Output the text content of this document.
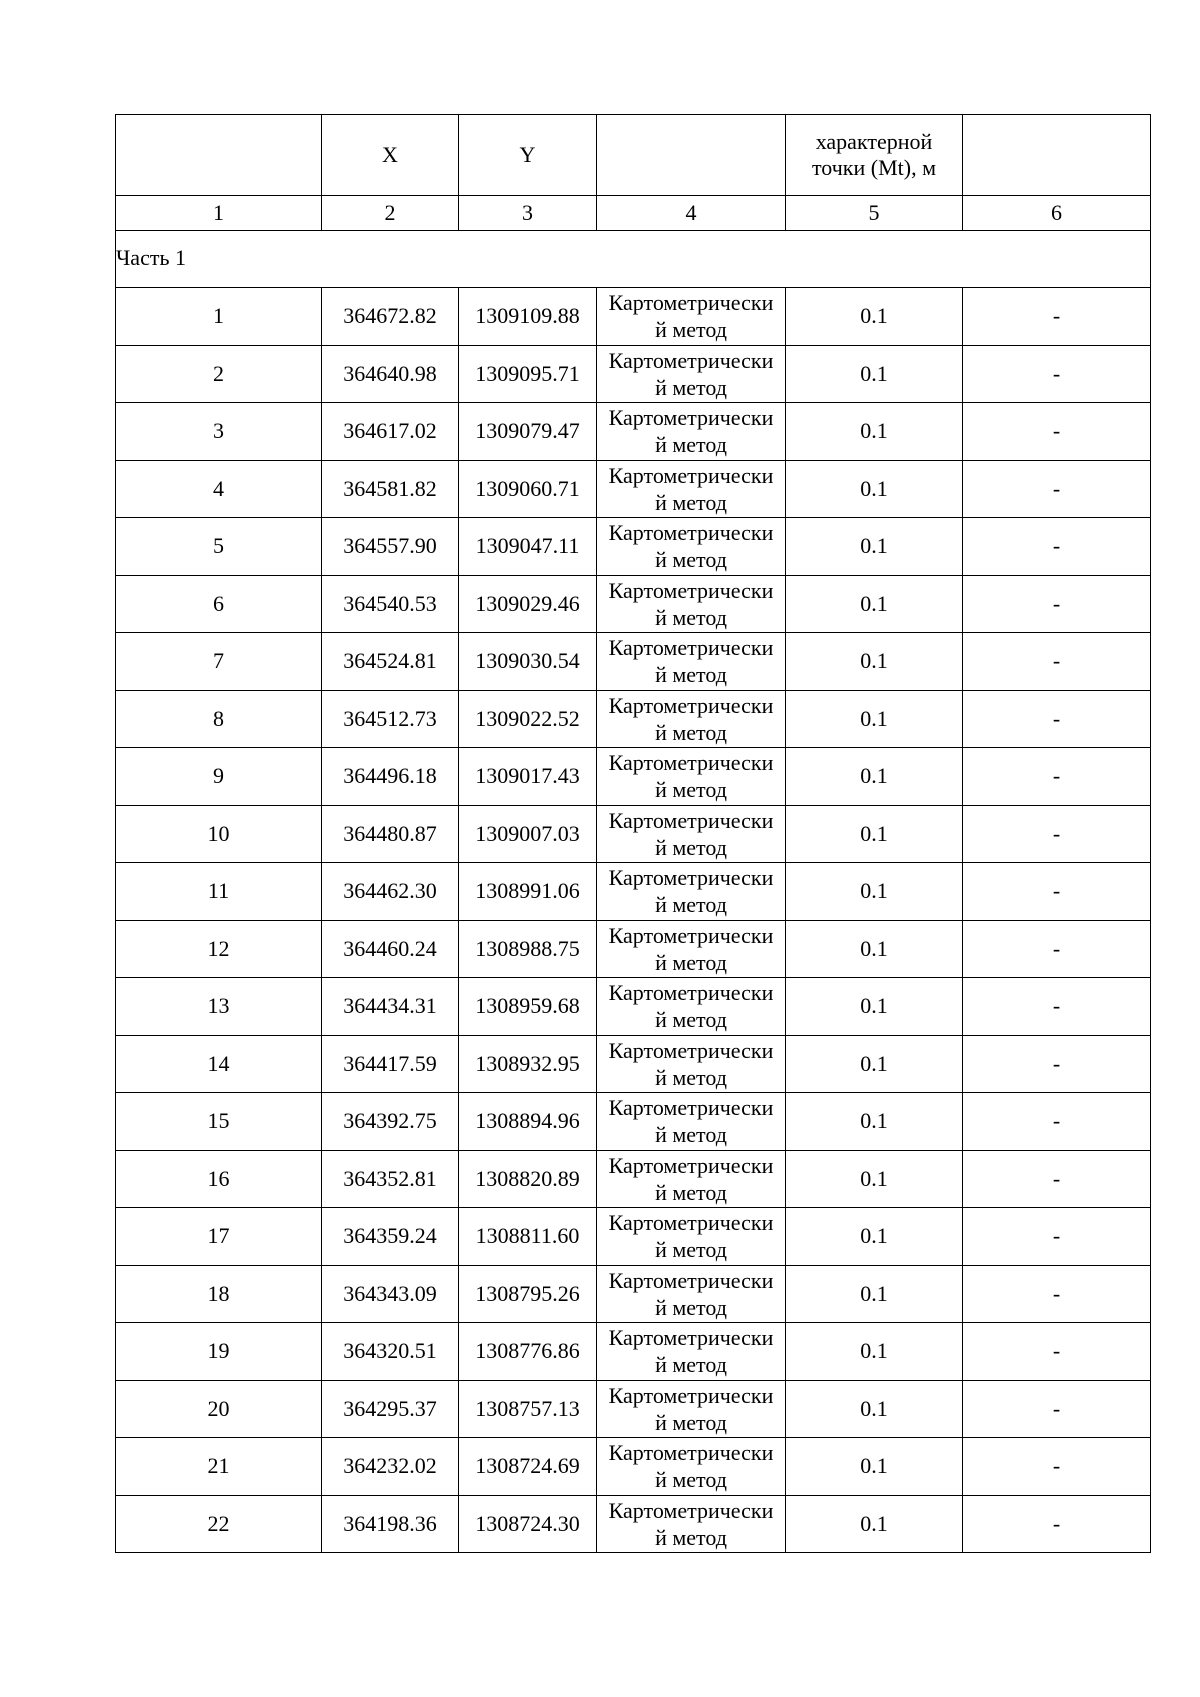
	X	Y		характерной
точки (Mt), м	

1	2	3	4	5	6
Часть 1					
1	364672.82	1309109.88	Картометрически
й метод	0.1	-
2	364640.98	1309095.71	Картометрически
й метод	0.1	-
3	364617.02	1309079.47	Картометрически
й метод	0.1	-
4	364581.82	1309060.71	Картометрически
й метод	0.1	-
5	364557.90	1309047.11	Картометрически
й метод	0.1	-
6	364540.53	1309029.46	Картометрически
й метод	0.1	-
7	364524.81	1309030.54	Картометрически
й метод	0.1	-
8	364512.73	1309022.52	Картометрически
й метод	0.1	-
9	364496.18	1309017.43	Картометрически
й метод	0.1	-
10	364480.87	1309007.03	Картометрически
й метод	0.1	-
11	364462.30	1308991.06	Картометрически
й метод	0.1	-
12	364460.24	1308988.75	Картометрически
й метод	0.1	-
13	364434.31	1308959.68	Картометрически
й метод	0.1	-
14	364417.59	1308932.95	Картометрически
й метод	0.1	-
15	364392.75	1308894.96	Картометрически
й метод	0.1	-
16	364352.81	1308820.89	Картометрически
й метод	0.1	-
17	364359.24	1308811.60	Картометрически
й метод	0.1	-
18	364343.09	1308795.26	Картометрически
й метод	0.1	-
19	364320.51	1308776.86	Картометрически
й метод	0.1	-
20	364295.37	1308757.13	Картометрически
й метод	0.1	-
21	364232.02	1308724.69	Картометрически
й метод	0.1	-
22	364198.36	1308724.30	Картометрически
й метод	0.1	-
